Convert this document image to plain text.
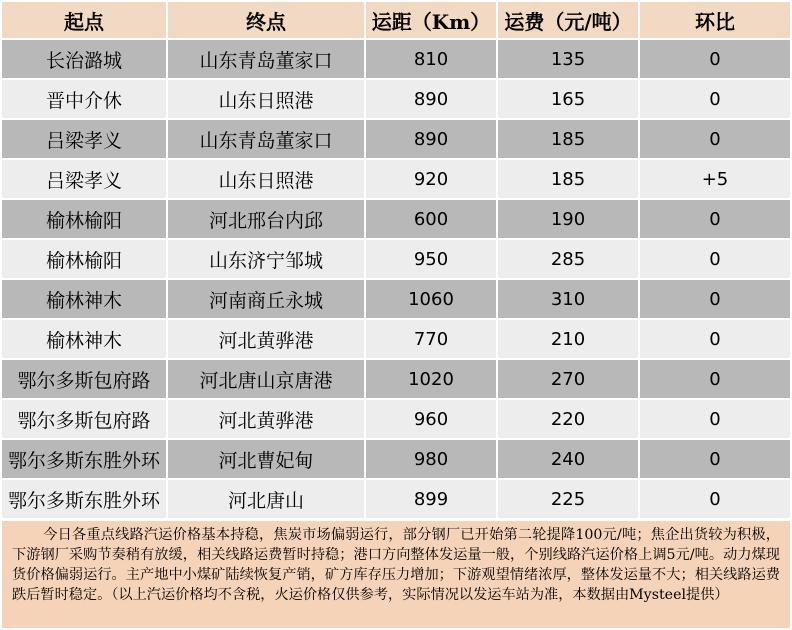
起点	终点	运距（Km）	运费（元/吨）	环比
长治潞城	山东青岛董家口	810	135	0
晋中介休	山东日照港	890	165	0
吕梁孝义	山东青岛董家口	890	185	0
吕梁孝义	山东日照港	920	185	+5
榆林榆阳	河北邢台内邱	600	190	0
榆林榆阳	山东济宁邹城	950	285	0
榆林神木	河南商丘永城	1060	310	0
榆林神木	河北黄骅港	770	210	0
鄂尔多斯包府路	河北唐山京唐港	1020	270	0
鄂尔多斯包府路	河北黄骅港	960	220	0
鄂尔多斯东胜外环	河北曹妃甸	980	240	0
鄂尔多斯东胜外环	河北唐山	899	225	0
今日各重点线路汽运价格基本持稳，焦炭市场偏弱运行，部分钢厂已开始第二轮提降100元/吨；焦企出货较为积极，下游钢厂采购节奏稍有放缓，相关线路运费暂时持稳；港口方向整体发运量一般，个别线路汽运价格上调5元/吨。动力煤现货价格偏弱运行。主产地中小煤矿陆续恢复产销，矿方库存压力增加；下游观望情绪浓厚，整体发运量不大；相关线路运费跌后暂时稳定。（以上汽运价格均不含税，火运价格仅供参考，实际情况以发运车站为准，本数据由Mysteel提供）
